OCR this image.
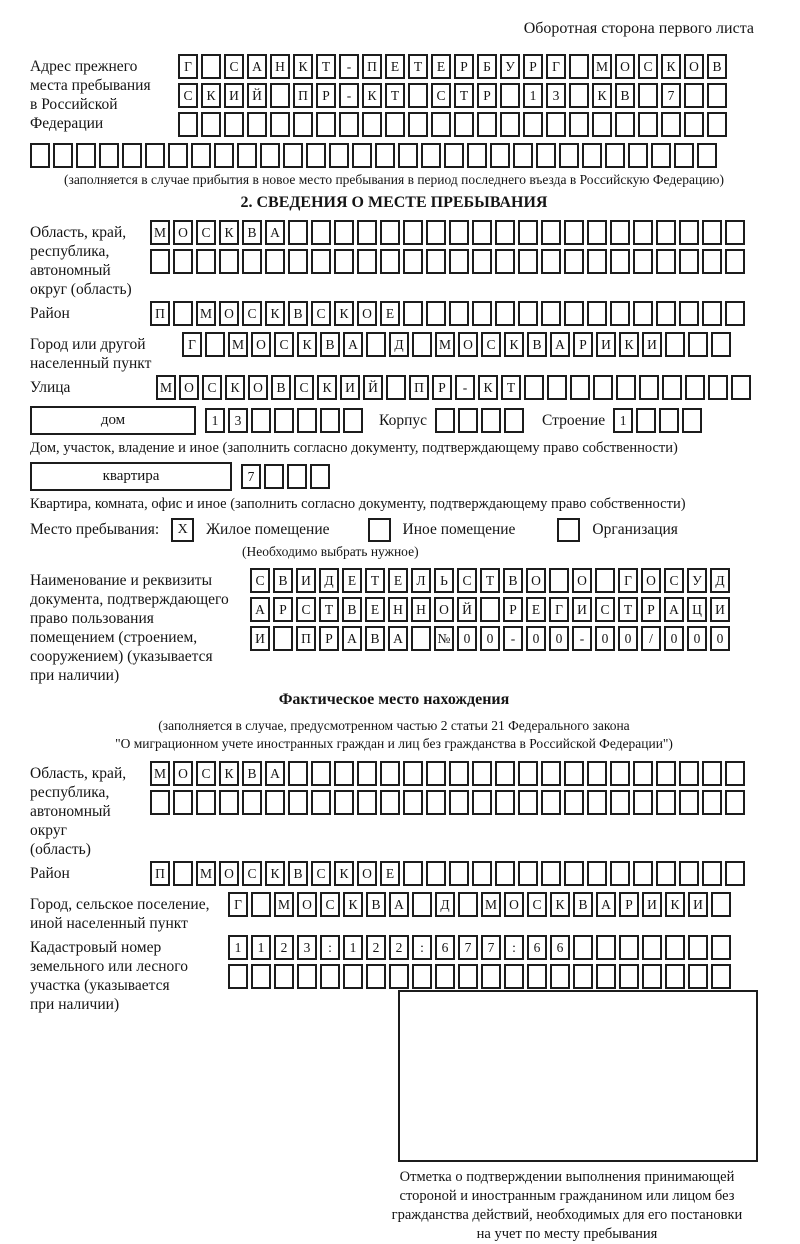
Оборотная сторона первого листа
Адрес прежнего
места пребывания
в Российской
Федерации
Г	С	А Н	К	Т	-	П	Е	Т	Е	Р	Б	У	Р	Г	М О	С	К	О	В
С	К	И Й	П	Р	-	К	Т	С	Т	Р	1	3	К	В	7
(заполняется в случае прибытия в новое место пребывания в период последнего въезда в Российскую Федерацию)
2. СВЕДЕНИЯ О МЕСТЕ ПРЕБЫВАНИЯ
Область, край,
республика,
автономный
округ (область)
М О	С	К	В	А
Район	П	М О	С	К	В	С	К	О	Е
Город или другой
населенный пункт
Г	М О	С	К	В	А	Д	М О	С	К	В	А	Р	И	К	И
Улица	М О	С	К	О	В	С	К	И Й	П	Р	-	К	Т
дом	1	3	Корпус	Строение	1
Дом, участок, владение и иное (заполнить согласно документу, подтверждающему право собственности)
квартира	7
Квартира, комната, офис и иное (заполнить согласно документу, подтверждающему право собственности)
Место пребывания:	X	Жилое помещение	Иное помещение	Организация
(Необходимо выбрать нужное)
Наименование и реквизиты
документа, подтверждающего
право пользования
помещением (строением,
сооружением) (указывается
при наличии)
С	В	И	Д	Е	Т	Е	Л	Ь	С	Т	В	О	О	Г	О	С	У	Д
А	Р	С	Т	В	Е	Н Н О Й	Р	Е	Г	И	С	Т	Р	А Ц И
И	П	Р	А	В	А	№ 0	0	-	0	0	-	0	0	/	0	0	0
Фактическое место нахождения
(заполняется в случае, предусмотренном частью 2 статьи 21 Федерального закона
"О миграционном учете иностранных граждан и лиц без гражданства в Российской Федерации")
Область, край,
республика,
автономный округ
(область)
М О	С	К	В	А
Район	П	М О	С	К	В	С	К	О	Е
Город, сельское поселение,
иной населенный пункт
Г	М О	С	К	В	А	Д	М О	С	К	В	А	Р	И	К	И
Кадастровый номер
земельного или лесного
участка (указывается
при наличии)
1	1	2	3	:	1	2	2	:	6	7	7	:	6	6
Отметка о подтверждении выполнения принимающей
стороной и иностранным гражданином или лицом без
гражданства действий, необходимых для его постановки
на учет по месту пребывания
